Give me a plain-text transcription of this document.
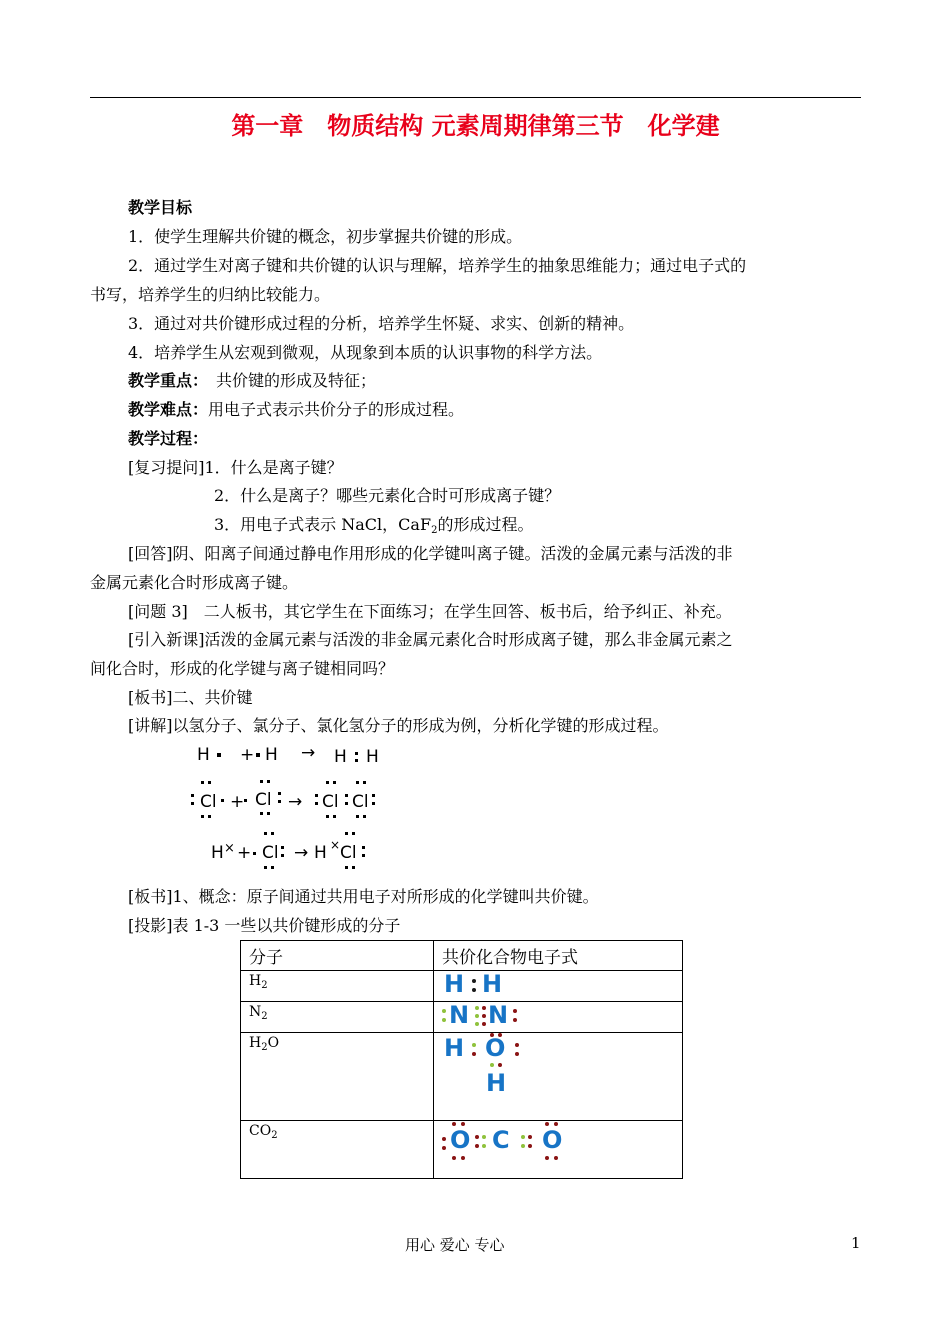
第一章　物质结构 元素周期律第三节　化学建
教学目标
1．使学生理解共价键的概念，初步掌握共价键的形成。
2．通过学生对离子键和共价键的认识与理解，培养学生的抽象思维能力；通过电子式的
书写，培养学生的归纳比较能力。
3．通过对共价键形成过程的分析，培养学生怀疑、求实、创新的精神。
4．培养学生从宏观到微观，从现象到本质的认识事物的科学方法。
教学重点：　共价键的形成及特征；
教学难点：用电子式表示共价分子的形成过程。
教学过程：
[复习提问]1．什么是离子键？
2．什么是离子？哪些元素化合时可形成离子键？
3．用电子式表示 NaCl，CaF$_2$的形成过程。
[回答]阴、阳离子间通过静电作用形成的化学键叫离子键。活泼的金属元素与活泼的非
金属元素化合时形成离子键。
[问题 3]　二人板书，其它学生在下面练习；在学生回答、板书后，给予纠正、补充。
[引入新课]活泼的金属元素与活泼的非金属元素化合时形成离子键，那么非金属元素之
间化合时，形成的化学键与离子键相同吗？
[板书]二、共价键
[讲解]以氢分子、氯分子、氯化氢分子的形成为例，分析化学键的形成过程。
H + H → H H
Cl + Cl → Cl Cl
H × + Cl → H × Cl
[板书]1、概念：原子间通过共用电子对所形成的化学键叫共价键。
[投影]表 1-3 一些以共价键形成的分子
分子	共价化合物电子式
$H_2$	H H

$N_2$	N N

$H_2O$	H O
H

$CO_2$	O C O
用心 爱心 专心	1
